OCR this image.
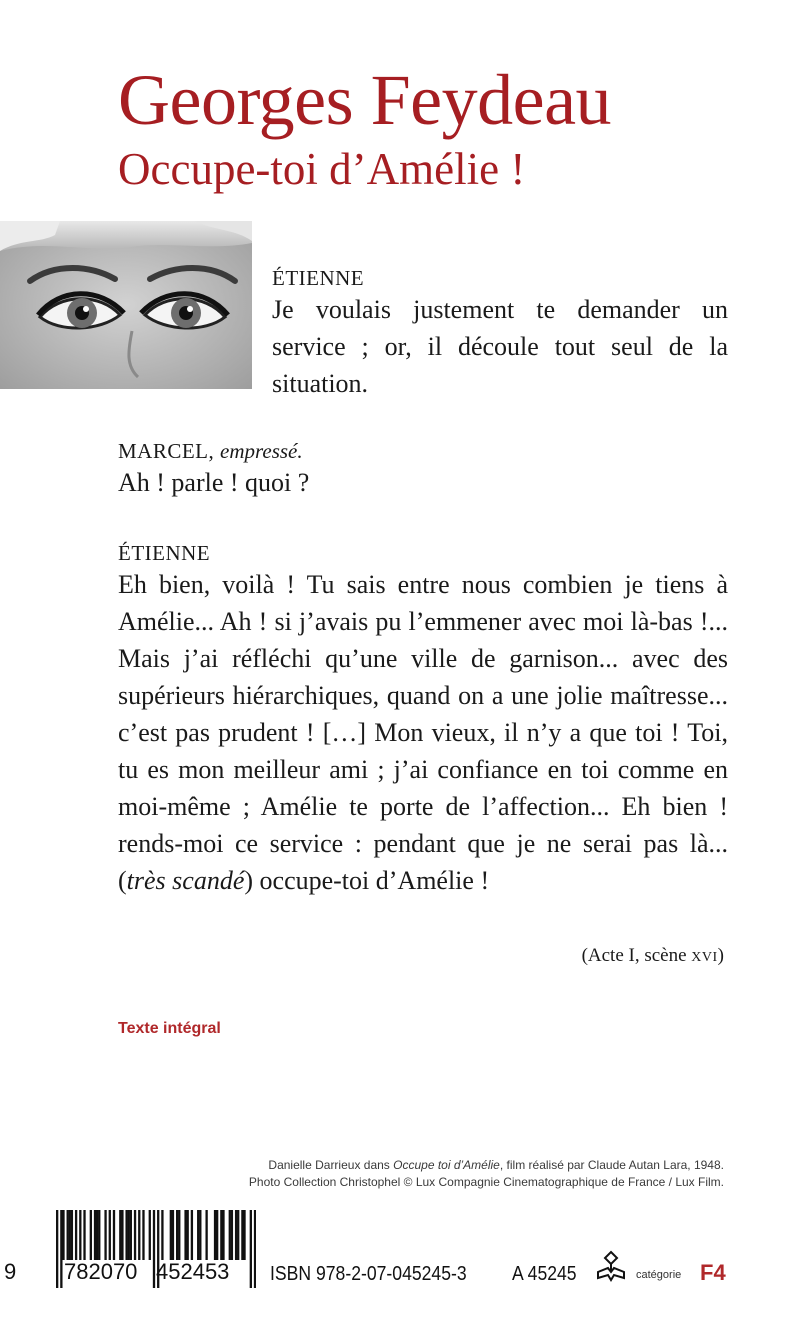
Georges Feydeau
Occupe-toi d’Amélie !
ÉTIENNE
Je voulais justement te demander un service ; or, il découle tout seul de la situation.
MARCEL, empressé.
Ah ! parle ! quoi ?
ÉTIENNE
Eh bien, voilà ! Tu sais entre nous combien je tiens à Amélie... Ah ! si j’avais pu l’emmener avec moi là-bas !... Mais j’ai réfléchi qu’une ville de garnison... avec des supérieurs hiérarchiques, quand on a une jolie maîtresse... c’est pas prudent ! […] Mon vieux, il n’y a que toi ! Toi, tu es mon meilleur ami ; j’ai confiance en toi comme en moi-même ; Amélie te porte de l’affection... Eh bien ! rends-moi ce service : pendant que je ne serai pas là... (très scandé) occupe-toi d’Amélie !
(Acte I, scène XVI)
Texte intégral
Danielle Darrieux dans Occupe toi d’Amélie, film réalisé par Claude Autan Lara, 1948.
Photo Collection Christophel © Lux Compagnie Cinematographique de France / Lux Film.
9 782070 452453 ISBN 978-2-07-045245-3 A 45245	catégorie F4
